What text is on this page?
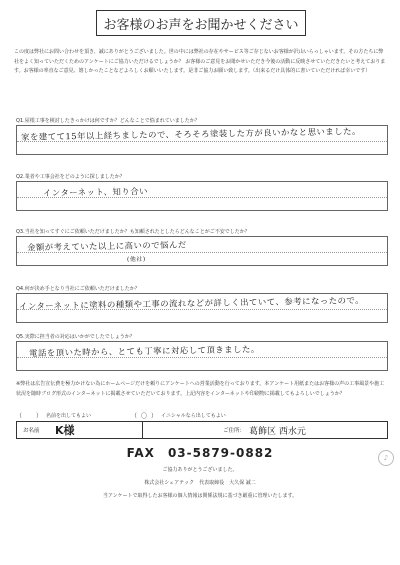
お客様のお声をお聞かせください
この度は弊社にお問い合わせを頂き、誠にありがとうございました。世の中には弊社の存在やサービス等ご存じないお客様が沢山いらっしゃいます。その方たちに弊社をよく知っていただくためのアンケートにご協力いただけるでしょうか？ お客様のご意見をお聞かせいただき今後の活動に反映させていただきたいと考えております。お客様の率直なご意見、嬉しかったことなどよろしくお願いいたします。是非ご協力お願い致します。（出来るだけ具体的に書いていただければ幸いです）
Q1.屋根工事を検討したきっかけは何ですか？どんなことで悩まれていましたか？
家を建てて15年以上経ちましたので、そろそろ塗装した方が良いかなと思いました。
Q2.業者や工事会社をどのように探しましたか？
インターネット、知り合い
Q3.当社を知ってすぐにご依頼いただけましたか？も知頼されたとしたらどんなことがご不安でしたか？
金額が考えていた以上に高いので悩んだ
(他社)
Q4.何が決め手となり当社にご依頼いただけましたか？
インターネットに塗料の種類や工事の流れなどが詳しく出ていて、参考になったので。
Q5.実際に担当者の対応はいかがでしたでしょうか？
電話を頂いた時から、とても丁寧に対応して頂きました。
※弊社は広告宣伝費を極力かけない為にホームページだけを頼りにアンケートへの営業活動を行っております。本アンケート用紙またはお客様の声の工事風景や施工状況を随時ブログ形式のインターネットに掲載させていただいております。上記内容をインターネットや印刷物に掲載してもよろしいでしょうか？
（	） 名前を出してもよい	（ 〇 ） イニシャルなら出してもよい
お名前	K様	ご住所： 葛飾区 西水元
FAX　03-5879-0882	♪
ご協力ありがとうございました。
株式会社シェアテック　代表取締役　大久保 誠二
当アンケートで取得したお客様の個人情報は関係法規に基づき厳重に管理いたします。
